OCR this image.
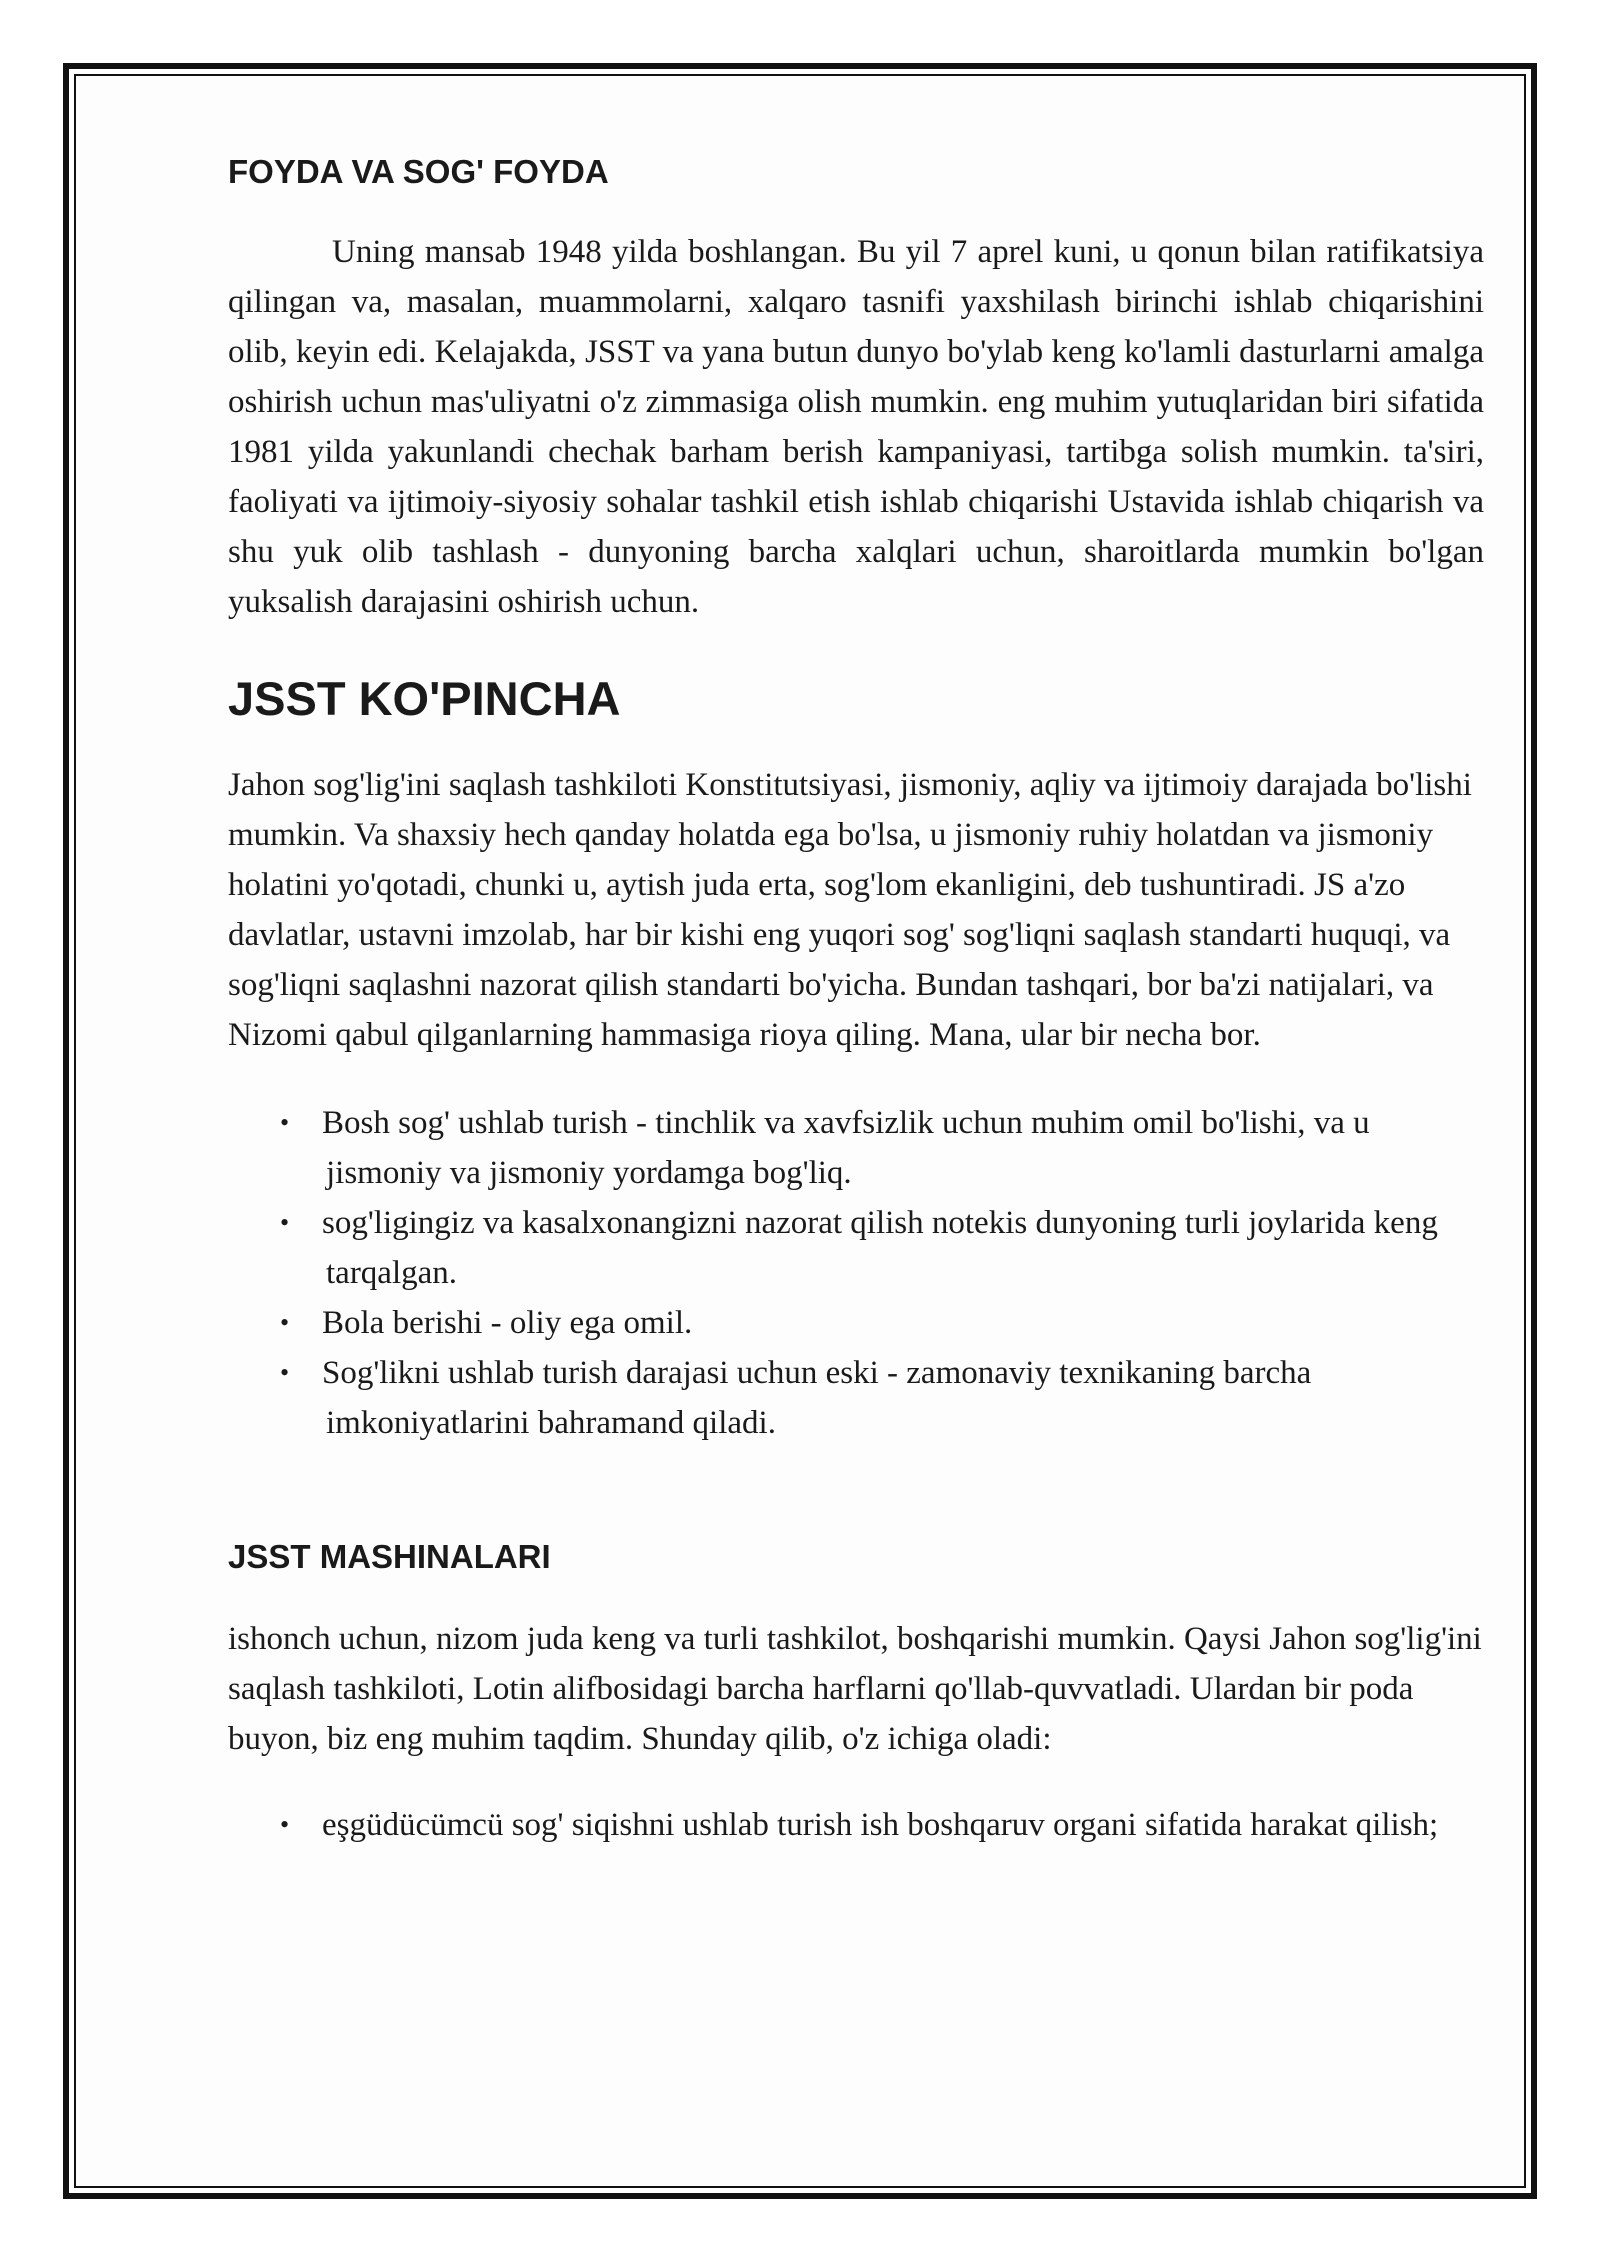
FOYDA VA SOG' FOYDA

Uning mansab 1948 yilda boshlangan. Bu yil 7 aprel kuni, u qonun bilan ratifikatsiya qilingan va, masalan, muammolarni, xalqaro tasnifi yaxshilash birinchi ishlab chiqarishini olib, keyin edi. Kelajakda, JSST va yana butun dunyo bo'ylab keng ko'lamli dasturlarni amalga oshirish uchun mas'uliyatni o'z zimmasiga olish mumkin. eng muhim yutuqlaridan biri sifatida 1981 yilda yakunlandi chechak barham berish kampaniyasi, tartibga solish mumkin. ta'siri, faoliyati va ijtimoiy-siyosiy sohalar tashkil etish ishlab chiqarishi Ustavida ishlab chiqarish va shu yuk olib tashlash - dunyoning barcha xalqlari uchun, sharoitlarda mumkin bo'lgan yuksalish darajasini oshirish uchun.

JSST KO'PINCHA

Jahon sog'lig'ini saqlash tashkiloti Konstitutsiyasi, jismoniy, aqliy va ijtimoiy darajada bo'lishi mumkin. Va shaxsiy hech qanday holatda ega bo'lsa, u jismoniy ruhiy holatdan va jismoniy holatini yo'qotadi, chunki u, aytish juda erta, sog'lom ekanligini, deb tushuntiradi. JS a'zo davlatlar, ustavni imzolab, har bir kishi eng yuqori sog' sog'liqni saqlash standarti huquqi, va sog'liqni saqlashni nazorat qilish standarti bo'yicha. Bundan tashqari, bor ba'zi natijalari, va Nizomi qabul qilganlarning hammasiga rioya qiling. Mana, ular bir necha bor.

• Bosh sog' ushlab turish - tinchlik va xavfsizlik uchun muhim omil bo'lishi, va u jismoniy va jismoniy yordamga bog'liq.
• sog'ligingiz va kasalxonangizni nazorat qilish notekis dunyoning turli joylarida keng tarqalgan.
• Bola berishi - oliy ega omil.
• Sog'likni ushlab turish darajasi uchun eski - zamonaviy texnikaning barcha imkoniyatlarini bahramand qiladi.
JSST MASHINALARI

ishonch uchun, nizom juda keng va turli tashkilot, boshqarishi mumkin. Qaysi Jahon sog'lig'ini saqlash tashkiloti, Lotin alifbosidagi barcha harflarni qo'llab-quvvatladi. Ulardan bir poda buyon, biz eng muhim taqdim. Shunday qilib, o'z ichiga oladi:

• eşgüdücümcü sog' siqishni ushlab turish ish boshqaruv organi sifatida harakat qilish;
